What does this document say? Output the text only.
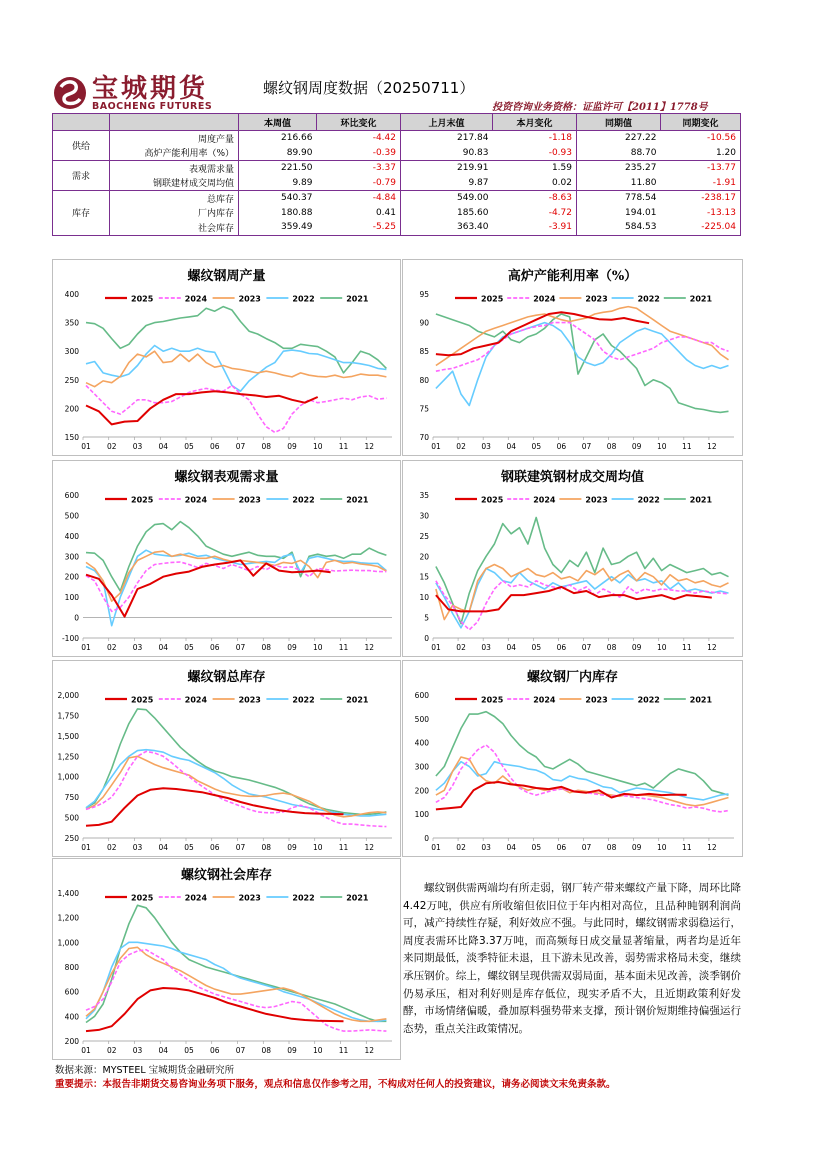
宝城期货
BAOCHENG FUTURES
螺纹钢周度数据（20250711）
投资咨询业务资格：证监许可【2011】1778号
		本周值	环比变化	上月末值	本月变化	同期值	同期变化
供给	周度产量	216.66	-4.42	217.84	-1.18	227.22	-10.56
	高炉产能利用率（%）	89.90	-0.39	90.83	-0.93	88.70	1.20
需求	表观需求量	221.50	-3.37	219.91	1.59	235.27	-13.77
	钢联建材成交周均值	9.89	-0.79	9.87	0.02	11.80	-1.91
库存	总库存	540.37	-4.84	549.00	-8.63	778.54	-238.17
	厂内库存	180.88	0.41	185.60	-4.72	194.01	-13.13
	社会库存	359.49	-5.25	363.40	-3.91	584.53	-225.04
螺纹钢周产量
150
200
250
300
350
400
01 02 03 04 05 06 07 08 09 10 11 12
2025	2024	2023	2022	2021
高炉产能利用率（%）
70
75
80
85
90
95
01 02 03 04 05 06 07 08 09 10 11 12
2025	2024	2023	2022	2021
螺纹钢表观需求量
-100
0
100
200
300
400
500
600
01 02 03 04 05 06 07 08 09 10 11 12
2025	2024	2023	2022	2021
钢联建筑钢材成交周均值
0
5
10
15
20
25
30
35
01 02 03 04 05 06 07 08 09 10 11 12
2025	2024	2023	2022	2021
螺纹钢总库存
250
500
750
1,000
1,250
1,500
1,750
2,000
01 02 03 04 05 06 07 08 09 10 11 12
2025	2024	2023	2022	2021
螺纹钢厂内库存
0
100
200
300
400
500
600
01 02 03 04 05 06 07 08 09 10 11 12
2025	2024	2023	2022	2021
螺纹钢社会库存
200
400
600
800
1,000
1,200
1,400
01 02 03 04 05 06 07 08 09 10 11 12
2025	2024	2023	2022	2021

螺纹钢供需两端均有所走弱，钢厂转产带来螺纹产量下降，周环比降4.42万吨，供应有所收缩但依旧位于年内相对高位，且品种盹钢利润尚可，减产持续性存疑，利好效应不强。与此同时，螺纹钢需求弱稳运行，周度表需环比降3.37万吨，而高频每日成交量显著缩量，两者均是近年来同期最低，淡季特征未退，且下游未见改善，弱势需求格局未变，继续承压钢价。综上，螺纹钢呈现供需双弱局面，基本面未见改善，淡季钢价仍易承压，相对利好则是库存低位，现实矛盾不大，且近期政策利好发酵，市场情绪偏暖，叠加原料强势带来支撑，预计钢价短期维持偏强运行态势，重点关注政策情况。

数据来源：MYSTEEL 宝城期货金融研究所
重要提示：本报告非期货交易咨询业务项下服务，观点和信息仅作参考之用，不构成对任何人的投资建议，请务必阅读文末免责条款。
